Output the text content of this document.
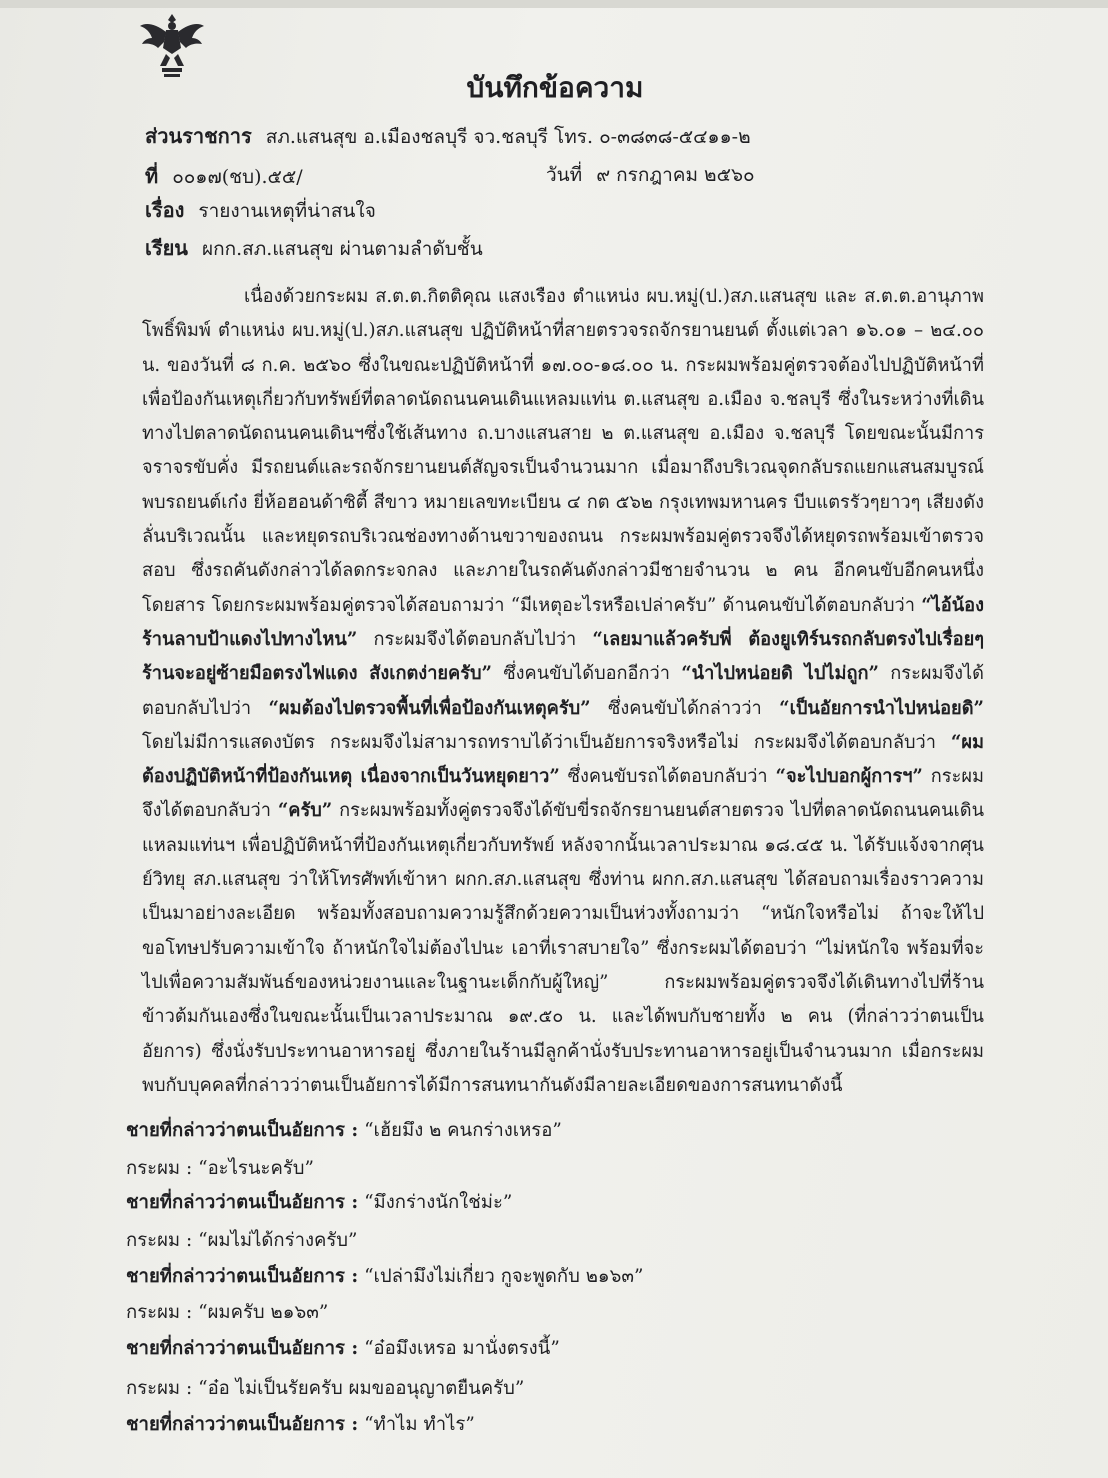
บันทึกข้อความ
ส่วนราชการ สภ.แสนสุข อ.เมืองชลบุรี จว.ชลบุรี โทร. ๐-๓๘๓๘-๕๔๑๑-๒
ที่ ๐๐๑๗(ชบ).๕๕/	วันที่ ๙ กรกฎาคม ๒๕๖๐
เรื่อง รายงานเหตุที่น่าสนใจ
เรียน ผกก.สภ.แสนสุข ผ่านตามลำดับชั้น
เนื่องด้วยกระผม ส.ต.ต.กิตติคุณ แสงเรือง ตำแหน่ง ผบ.หมู่(ป.)สภ.แสนสุข และ ส.ต.ต.อานุภาพ โพธิ์พิมพ์ ตำแหน่ง ผบ.หมู่(ป.)สภ.แสนสุข ปฏิบัติหน้าที่สายตรวจรถจักรยานยนต์ ตั้งแต่เวลา ๑๖.๐๑ – ๒๔.๐๐ น. ของวันที่ ๘ ก.ค. ๒๕๖๐ ซึ่งในขณะปฏิบัติหน้าที่ ๑๗.๐๐-๑๘.๐๐ น. กระผมพร้อมคู่ตรวจต้องไปปฏิบัติหน้าที่เพื่อป้องกันเหตุเกี่ยวกับทรัพย์ที่ตลาดนัดถนนคนเดินแหลมแท่น ต.แสนสุข อ.เมือง จ.ชลบุรี ซึ่งในระหว่างที่เดินทางไปตลาดนัดถนนคนเดินฯซึ่งใช้เส้นทาง ถ.บางแสนสาย ๒ ต.แสนสุข อ.เมือง จ.ชลบุรี โดยขณะนั้นมีการจราจรขับคั่ง มีรถยนต์และรถจักรยานยนต์สัญจรเป็นจำนวนมาก เมื่อมาถึงบริเวณจุดกลับรถแยกแสนสมบูรณ์ พบรถยนต์เก๋ง ยี่ห้อฮอนด้าซิตี้ สีขาว หมายเลขทะเบียน ๔ กต ๕๖๒ กรุงเทพมหานคร บีบแตรรัวๆยาวๆ เสียงดังลั่นบริเวณนั้น และหยุดรถบริเวณช่องทางด้านขวาของถนน กระผมพร้อมคู่ตรวจจึงได้หยุดรถพร้อมเข้าตรวจสอบ ซึ่งรถคันดังกล่าวได้ลดกระจกลง และภายในรถคันดังกล่าวมีชายจำนวน ๒ คน อีกคนขับอีกคนหนึ่งโดยสาร โดยกระผมพร้อมคู่ตรวจได้สอบถามว่า “มีเหตุอะไรหรือเปล่าครับ” ด้านคนขับได้ตอบกลับว่า “ไอ้น้องร้านลาบป้าแดงไปทางไหน” กระผมจึงได้ตอบกลับไปว่า “เลยมาแล้วครับพี่ ต้องยูเทิร์นรถกลับตรงไปเรื่อยๆร้านจะอยู่ซ้ายมือตรงไฟแดง สังเกตง่ายครับ” ซึ่งคนขับได้บอกอีกว่า “นำไปหน่อยดิ ไปไม่ถูก” กระผมจึงได้ตอบกลับไปว่า “ผมต้องไปตรวจพื้นที่เพื่อป้องกันเหตุครับ” ซึ่งคนขับได้กล่าวว่า “เป็นอัยการนำไปหน่อยดิ” โดยไม่มีการแสดงบัตร กระผมจึงไม่สามารถทราบได้ว่าเป็นอัยการจริงหรือไม่ กระผมจึงได้ตอบกลับว่า “ผมต้องปฏิบัติหน้าที่ป้องกันเหตุ เนื่องจากเป็นวันหยุดยาว” ซึ่งคนขับรถได้ตอบกลับว่า “จะไปบอกผู้การฯ” กระผมจึงได้ตอบกลับว่า “ครับ” กระผมพร้อมทั้งคู่ตรวจจึงได้ขับขี่รถจักรยานยนต์สายตรวจ ไปที่ตลาดนัดถนนคนเดินแหลมแท่นฯ เพื่อปฏิบัติหน้าที่ป้องกันเหตุเกี่ยวกับทรัพย์ หลังจากนั้นเวลาประมาณ ๑๘.๔๕ น. ได้รับแจ้งจากศุนย์วิทยุ สภ.แสนสุข ว่าให้โทรศัพท์เข้าหา ผกก.สภ.แสนสุข ซึ่งท่าน ผกก.สภ.แสนสุข ได้สอบถามเรื่องราวความเป็นมาอย่างละเอียด พร้อมทั้งสอบถามความรู้สึกด้วยความเป็นห่วงทั้งถามว่า “หนักใจหรือไม่ ถ้าจะให้ไปขอโทษปรับความเข้าใจ ถ้าหนักใจไม่ต้องไปนะ เอาที่เราสบายใจ” ซึ่งกระผมได้ตอบว่า “ไม่หนักใจ พร้อมที่จะไปเพื่อความสัมพันธ์ของหน่วยงานและในฐานะเด็กกับผู้ใหญ่” กระผมพร้อมคู่ตรวจจึงได้เดินทางไปที่ร้านข้าวต้มกันเองซึ่งในขณะนั้นเป็นเวลาประมาณ ๑๙.๕๐ น. และได้พบกับชายทั้ง ๒ คน (ที่กล่าวว่าตนเป็นอัยการ) ซึ่งนั่งรับประทานอาหารอยู่ ซึ่งภายในร้านมีลูกค้านั่งรับประทานอาหารอยู่เป็นจำนวนมาก เมื่อกระผมพบกับบุคคลที่กล่าวว่าตนเป็นอัยการได้มีการสนทนากันดังมีลายละเอียดของการสนทนาดังนี้
ชายที่กล่าวว่าตนเป็นอัยการ : “เฮ้ยมึง ๒ คนกร่างเหรอ”
กระผม : “อะไรนะครับ”
ชายที่กล่าวว่าตนเป็นอัยการ : “มึงกร่างนักใช่ม่ะ”
กระผม : “ผมไม่ได้กร่างครับ”
ชายที่กล่าวว่าตนเป็นอัยการ : “เปล่ามึงไม่เกี่ยว กูจะพูดกับ ๒๑๖๓”
กระผม : “ผมครับ ๒๑๖๓”
ชายที่กล่าวว่าตนเป็นอัยการ : “อ๋อมึงเหรอ มานั่งตรงนี้”
กระผม : “อ๋อ ไม่เป็นรัยครับ ผมขออนุญาตยืนครับ”
ชายที่กล่าวว่าตนเป็นอัยการ : “ทำไม ทำไร”
